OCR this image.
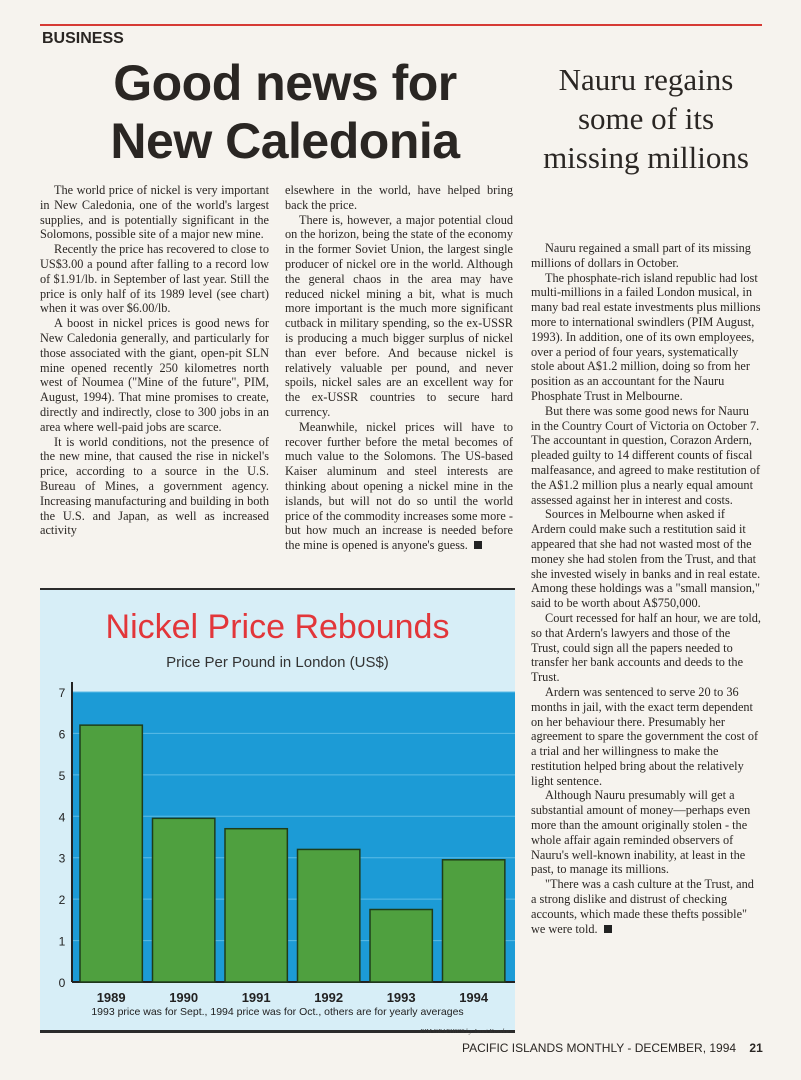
BUSINESS
Good news for
New Caledonia
Nauru regains some of its missing millions

The world price of nickel is very important in New Caledonia, one of the world's largest supplies, and is potentially significant in the Solomons, possible site of a major new mine.

Recently the price has recovered to close to US$3.00 a pound after falling to a record low of $1.91/lb. in September of last year. Still the price is only half of its 1989 level (see chart) when it was over $6.00/lb.

A boost in nickel prices is good news for New Caledonia generally, and particularly for those associated with the giant, open-pit SLN mine opened recently 250 kilometres north west of Noumea ("Mine of the future", PIM, August, 1994). That mine promises to create, directly and indirectly, close to 300 jobs in an area where well-paid jobs are scarce.

It is world conditions, not the presence of the new mine, that caused the rise in nickel's price, according to a source in the U.S. Bureau of Mines, a government agency. Increasing manufacturing and building in both the U.S. and Japan, as well as increased activity

elsewhere in the world, have helped bring back the price.

There is, however, a major potential cloud on the horizon, being the state of the economy in the former Soviet Union, the largest single producer of nickel ore in the world. Although the general chaos in the area may have reduced nickel mining a bit, what is much more important is the much more significant cutback in military spending, so the ex-USSR is producing a much bigger surplus of nickel than ever before. And because nickel is relatively valuable per pound, and never spoils, nickel sales are an excellent way for the ex-USSR countries to secure hard currency.

Meanwhile, nickel prices will have to recover further before the metal becomes of much value to the Solomons. The US-based Kaiser aluminum and steel interests are thinking about opening a nickel mine in the islands, but will not do so until the world price of the commodity increases some more - but how much an increase is needed before the mine is opened is anyone's guess.

Nauru regained a small part of its missing millions of dollars in October.

The phosphate-rich island republic had lost multi-millions in a failed London musical, in many bad real estate investments plus millions more to international swindlers (PIM August, 1993). In addition, one of its own employees, over a period of four years, systematically stole about A$1.2 million, doing so from her position as an accountant for the Nauru Phosphate Trust in Melbourne.

But there was some good news for Nauru in the Country Court of Victoria on October 7. The accountant in question, Corazon Ardern, pleaded guilty to 14 different counts of fiscal malfeasance, and agreed to make restitution of the A$1.2 million plus a nearly equal amount assessed against her in interest and costs.

Sources in Melbourne when asked if Ardern could make such a restitution said it appeared that she had not wasted most of the money she had stolen from the Trust, and that she invested wisely in banks and in real estate. Among these holdings was a "small mansion," said to be worth about A$750,000.

Court recessed for half an hour, we are told, so that Ardern's lawyers and those of the Trust, could sign all the papers needed to transfer her bank accounts and deeds to the Trust.

Ardern was sentenced to serve 20 to 36 months in jail, with the exact term dependent on her behaviour there. Presumably her agreement to spare the government the cost of a trial and her willingness to make the restitution helped bring about the relatively light sentence.

Although Nauru presumably will get a substantial amount of money—perhaps even more than the amount originally stolen - the whole affair again reminded observers of Nauru's well-known inability, at least in the past, to manage its millions.

"There was a cash culture at the Trust, and a strong dislike and distrust of checking accounts, which made these thefts possible" we were told.

0
1
2
3
4
5
6
7
1989	1990	1991	1992	1993	1994
Nickel Price Rebounds
Price Per Pound in London (US$)
1993 price was for Sept., 1994 price was for Oct., others are for yearly averages
PIM GRAPHICS by Janet Kasuku
PACIFIC ISLANDS MONTHLY - DECEMBER, 1994 21
